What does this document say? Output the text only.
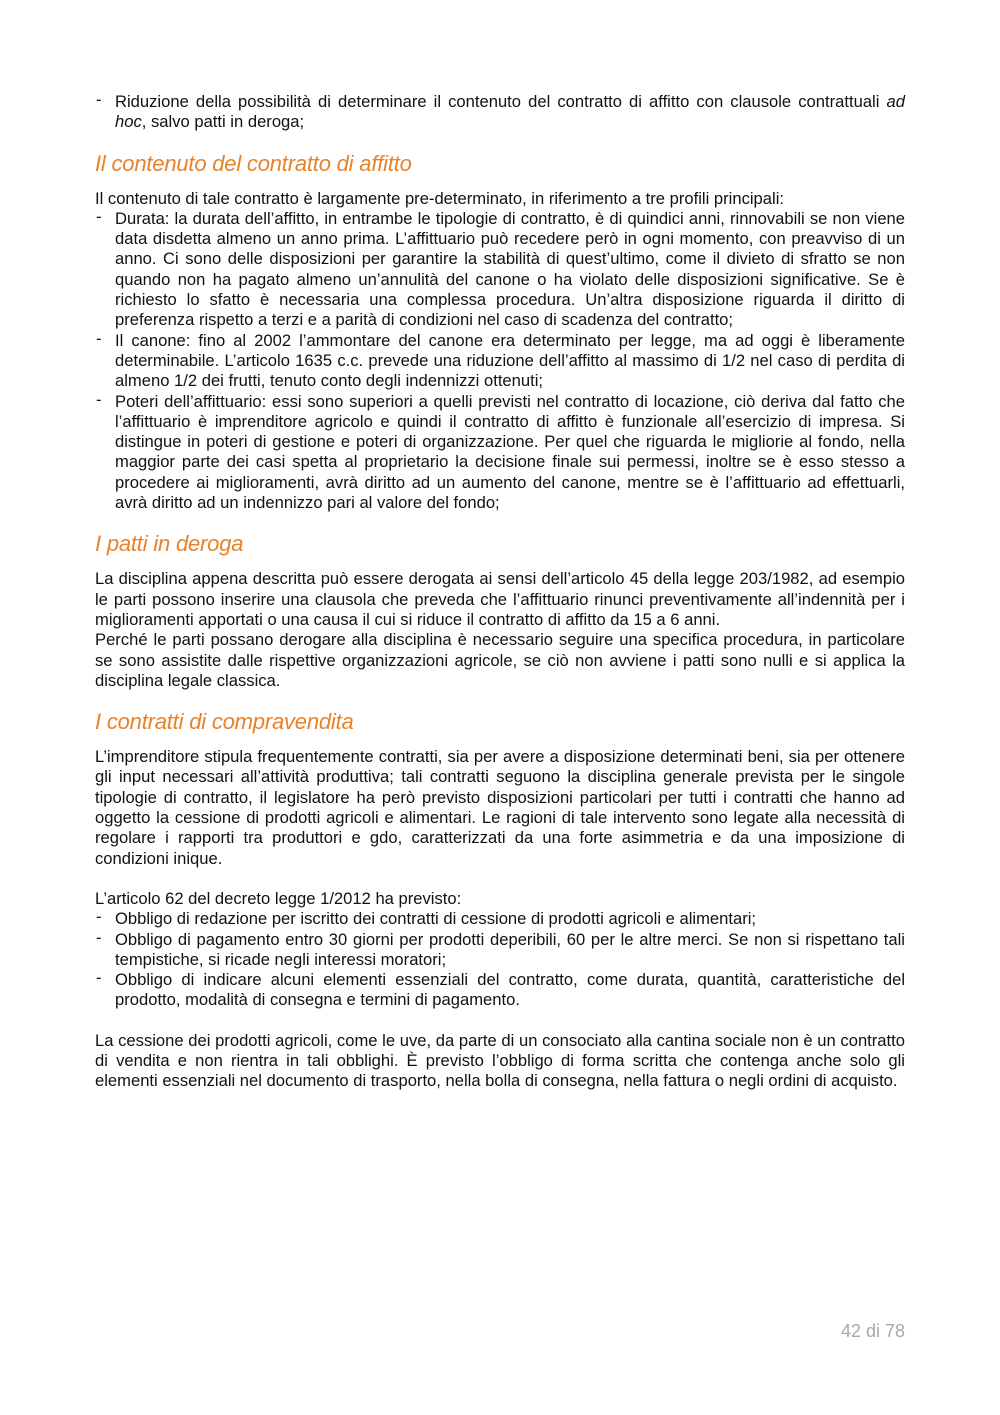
- Riduzione della possibilità di determinare il contenuto del contratto di affitto con clausole contrattuali ad hoc, salvo patti in deroga;
Il contenuto del contratto di affitto

Il contenuto di tale contratto è largamente pre-determinato, in riferimento a tre profili principali:

- Durata: la durata dell’affitto, in entrambe le tipologie di contratto, è di quindici anni, rinnovabili se non viene data disdetta almeno un anno prima. L’affittuario può recedere però in ogni momento, con preavviso di un anno. Ci sono delle disposizioni per garantire la stabilità di quest’ultimo, come il divieto di sfratto se non quando non ha pagato almeno un’annulità del canone o ha violato delle disposizioni significative. Se è richiesto lo sfatto è necessaria una complessa procedura. Un’altra disposizione riguarda il diritto di preferenza rispetto a terzi e a parità di condizioni nel caso di scadenza del contratto;
- Il canone: fino al 2002 l’ammontare del canone era determinato per legge, ma ad oggi è liberamente determinabile. L’articolo 1635 c.c. prevede una riduzione dell’affitto al massimo di 1/2 nel caso di perdita di almeno 1/2 dei frutti, tenuto conto degli indennizzi ottenuti;
- Poteri dell’affittuario: essi sono superiori a quelli previsti nel contratto di locazione, ciò deriva dal fatto che l’affittuario è imprenditore agricolo e quindi il contratto di affitto è funzionale all’esercizio di impresa. Si distingue in poteri di gestione e poteri di organizzazione. Per quel che riguarda le migliorie al fondo, nella maggior parte dei casi spetta al proprietario la decisione finale sui permessi, inoltre se è esso stesso a procedere ai miglioramenti, avrà diritto ad un aumento del canone, mentre se è l’affittuario ad effettuarli, avrà diritto ad un indennizzo pari al valore del fondo;
I patti in deroga

La disciplina appena descritta può essere derogata ai sensi dell’articolo 45 della legge 203/1982, ad esempio le parti possono inserire una clausola che preveda che l’affittuario rinunci preventivamente all’indennità per i miglioramenti apportati o una causa il cui si riduce il contratto di affitto da 15 a 6 anni.

Perché le parti possano derogare alla disciplina è necessario seguire una specifica procedura, in particolare se sono assistite dalle rispettive organizzazioni agricole, se ciò non avviene i patti sono nulli e si applica la disciplina legale classica.

I contratti di compravendita

L’imprenditore stipula frequentemente contratti, sia per avere a disposizione determinati beni, sia per ottenere gli input necessari all’attività produttiva; tali contratti seguono la disciplina generale prevista per le singole tipologie di contratto, il legislatore ha però previsto disposizioni particolari per tutti i contratti che hanno ad oggetto la cessione di prodotti agricoli e alimentari. Le ragioni di tale intervento sono legate alla necessità di regolare i rapporti tra produttori e gdo, caratterizzati da una forte asimmetria e da una imposizione di condizioni inique.

L’articolo 62 del decreto legge 1/2012 ha previsto:

- Obbligo di redazione per iscritto dei contratti di cessione di prodotti agricoli e alimentari;
- Obbligo di pagamento entro 30 giorni per prodotti deperibili, 60 per le altre merci. Se non si rispettano tali tempistiche, si ricade negli interessi moratori;
- Obbligo di indicare alcuni elementi essenziali del contratto, come durata, quantità, caratteristiche del prodotto, modalità di consegna e termini di pagamento.

La cessione dei prodotti agricoli, come le uve, da parte di un consociato alla cantina sociale non è un contratto di vendita e non rientra in tali obblighi. È previsto l’obbligo di forma scritta che contenga anche solo gli elementi essenziali nel documento di trasporto, nella bolla di consegna, nella fattura o negli ordini di acquisto.

42 di 78
